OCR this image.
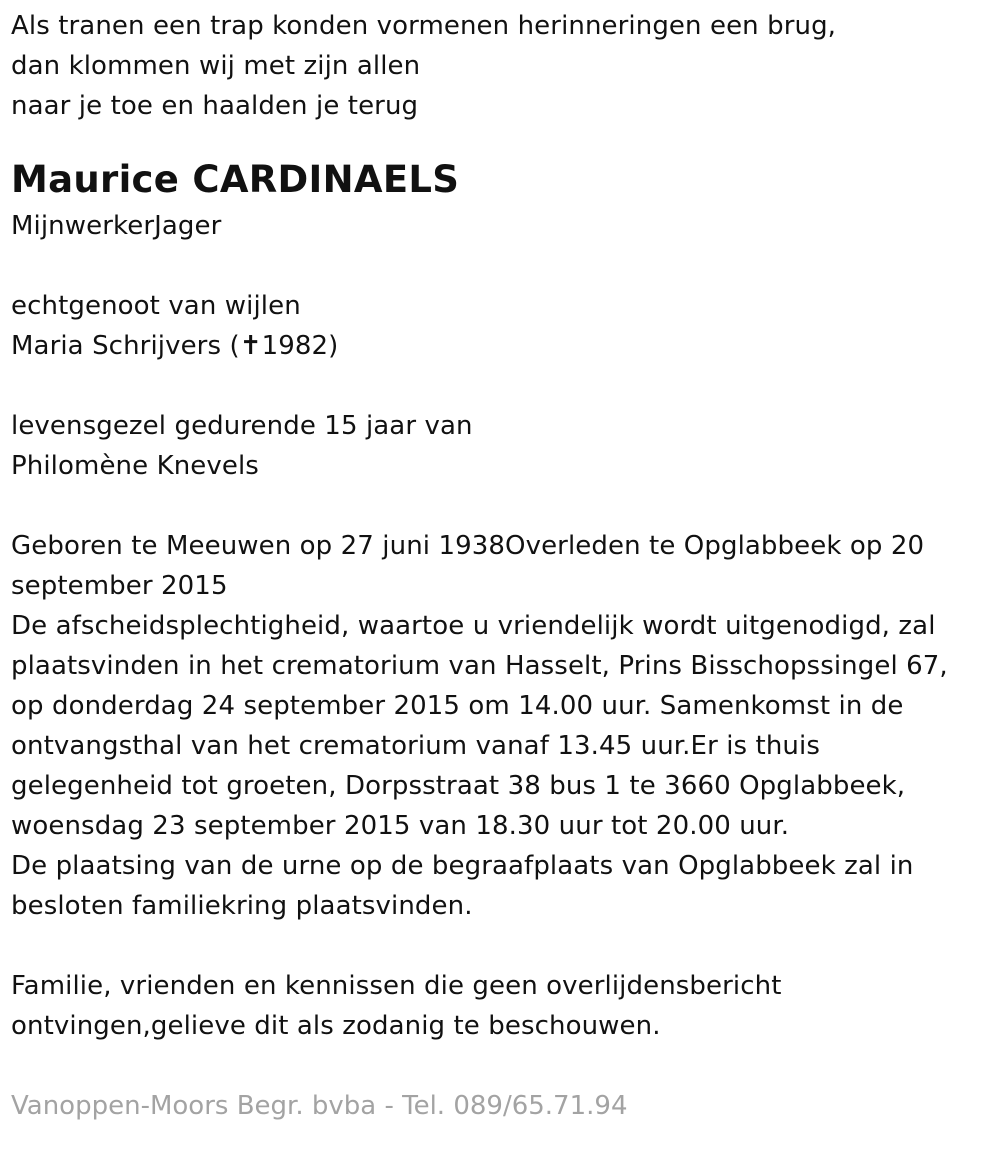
Als tranen een trap konden vormenen herinneringen een brug,
dan klommen wij met zijn allen
naar je toe en haalden je terug
Maurice CARDINAELS
MijnwerkerJager
echtgenoot van wijlen
Maria Schrijvers (✝1982)
levensgezel gedurende 15 jaar van
Philomène Knevels
Geboren te Meeuwen op 27 juni 1938Overleden te Opglabbeek op 20
september 2015
De afscheidsplechtigheid, waartoe u vriendelijk wordt uitgenodigd, zal
plaatsvinden in het crematorium van Hasselt, Prins Bisschopssingel 67,
op donderdag 24 september 2015 om 14.00 uur. Samenkomst in de
ontvangsthal van het crematorium vanaf 13.45 uur.Er is thuis
gelegenheid tot groeten, Dorpsstraat 38 bus 1 te 3660 Opglabbeek,
woensdag 23 september 2015 van 18.30 uur tot 20.00 uur.
De plaatsing van de urne op de begraafplaats van Opglabbeek zal in
besloten familiekring plaatsvinden.
Familie, vrienden en kennissen die geen overlijdensbericht
ontvingen,gelieve dit als zodanig te beschouwen.
Vanoppen-Moors Begr. bvba - Tel. 089/65.71.94
